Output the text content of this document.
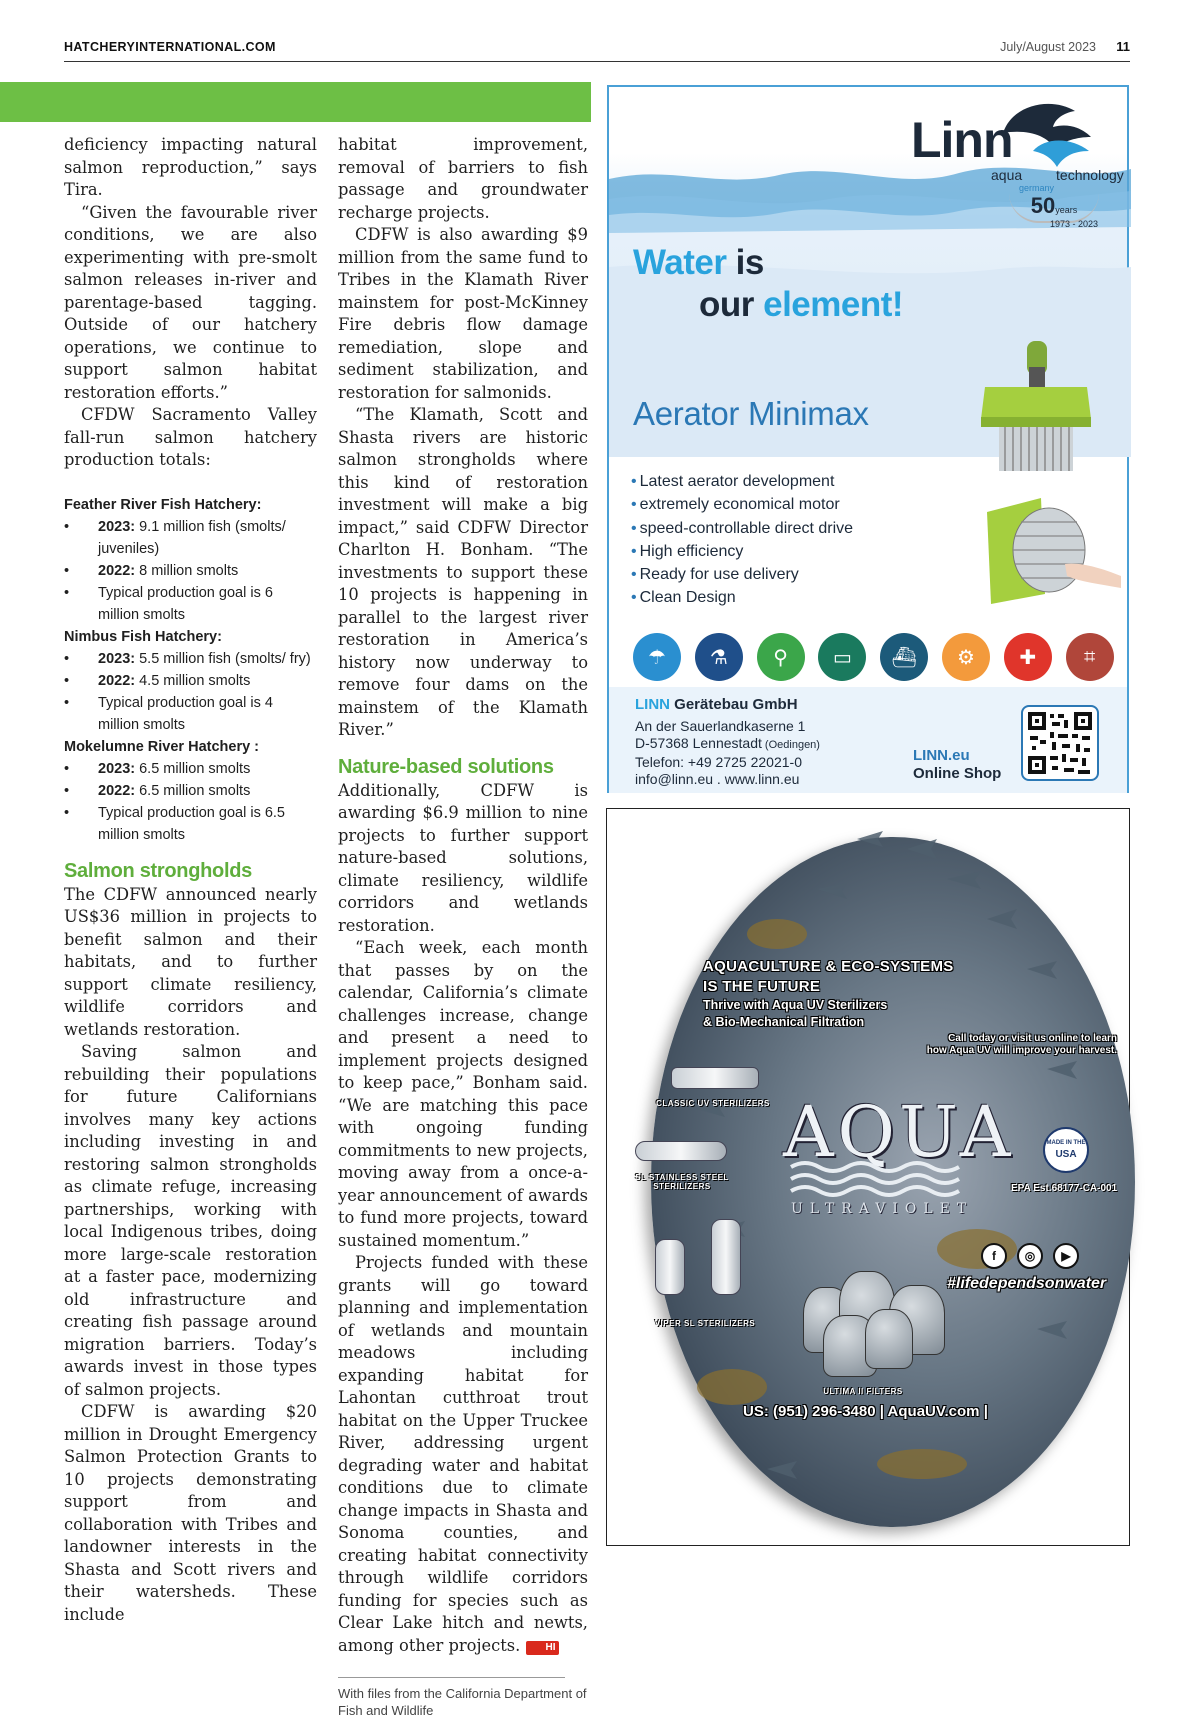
HATCHERYINTERNATIONAL.COM	July/August 2023 11

deficiency impacting natural salmon reproduction,” says Tira.

“Given the favourable river conditions, we are also experimenting with pre-smolt salmon releases in-river and parentage-based tagging. Outside of our hatchery operations, we continue to support salmon habitat restoration efforts.”

CFDW Sacramento Valley fall-run salmon hatchery production totals:

Feather River Fish Hatchery:
• 2023: 9.1 million fish (smolts/ juveniles)
• 2022: 8 million smolts
• Typical production goal is 6 million smolts
Nimbus Fish Hatchery:
• 2023: 5.5 million fish (smolts/ fry)
• 2022: 4.5 million smolts
• Typical production goal is 4 million smolts
Mokelumne River Hatchery :
• 2023: 6.5 million smolts
• 2022: 6.5 million smolts
• Typical production goal is 6.5 million smolts
Salmon strongholds

The CDFW announced nearly US$36 million in projects to benefit salmon and their habitats, and to further support climate resiliency, wildlife corridors and wetlands restoration.

Saving salmon and rebuilding their populations for future Californians involves many key actions including investing in and restoring salmon strongholds as climate refuge, increasing partnerships, working with local Indigenous tribes, doing more large-scale restoration at a faster pace, modernizing old infrastructure and creating fish passage around migration barriers. Today’s awards invest in those types of salmon projects.

CDFW is awarding $20 million in Drought Emergency Salmon Protection Grants to 10 projects demonstrating support from and collaboration with Tribes and landowner interests in the Shasta and Scott rivers and their watersheds. These include

habitat improvement, removal of barriers to fish passage and groundwater recharge projects.

CDFW is also awarding $9 million from the same fund to Tribes in the Klamath River mainstem for post-McKinney Fire debris flow damage remediation, slope and sediment stabilization, and restoration for salmonids.

“The Klamath, Scott and Shasta rivers are historic salmon strongholds where this kind of restoration investment will make a big impact,” said CDFW Director Charlton H. Bonham. “The investments to support these 10 projects is happening in parallel to the largest river restoration in America’s history now underway to remove four dams on the mainstem of the Klamath River.”

Nature-based solutions

Additionally, CDFW is awarding $6.9 million to nine projects to further support nature-based solutions, climate resiliency, wildlife corridors and wetlands restoration.

“Each week, each month that passes by on the calendar, California’s climate challenges increase, change and present a need to implement projects designed to keep pace,” Bonham said. “We are matching this pace with ongoing funding commitments to new projects, moving away from a once-a-year announcement of awards to fund more projects, toward sustained momentum.”

Projects funded with these grants will go toward planning and implementation of wetlands and mountain meadows including expanding habitat for Lahontan cutthroat trout habitat on the Upper Truckee River, addressing urgent degrading water and habitat conditions due to climate change impacts in Shasta and Sonoma counties, and creating habitat connectivity through wildlife corridors funding for species such as Clear Lake hitch and newts, among other projects.	HI

With files from the California Department of Fish and Wildlife
Linn
aqua technology
germany
50years
$^{1973 - 2023}$
Water is
our element!
Aerator Minimax
• Latest aerator development
• extremely economical motor
• speed-controllable direct drive
• High efficiency
• Ready for use delivery
• Clean Design
☂	⚗	⚲	▭	⛴	⚙	✚	⌗
LINN Gerätebau GmbH
An der Sauerlandkaserne 1
D-57368 Lennestadt (Oedingen)
Telefon: +49 2725 22021-0
info@linn.eu . www.linn.eu
LINN.eu
Online Shop
AQUACULTURE & ECO-SYSTEMS
IS THE FUTURE
Thrive with Aqua UV Sterilizers
& Bio-Mechanical Filtration
Call today or visit us online to learn
how Aqua UV will improve your harvest.
CLASSIC UV STERILIZERS
SL STAINLESS STEEL
STERILIZERS
AQUA
ULTRAVIOLET
MADE IN THE
USA
EPA Est.68177-CA-001
f	◎	▶
#lifedependsonwater
VIPER SL STERILIZERS
ULTIMA II FILTERS
US: (951) 296-3480 | AquaUV.com |
